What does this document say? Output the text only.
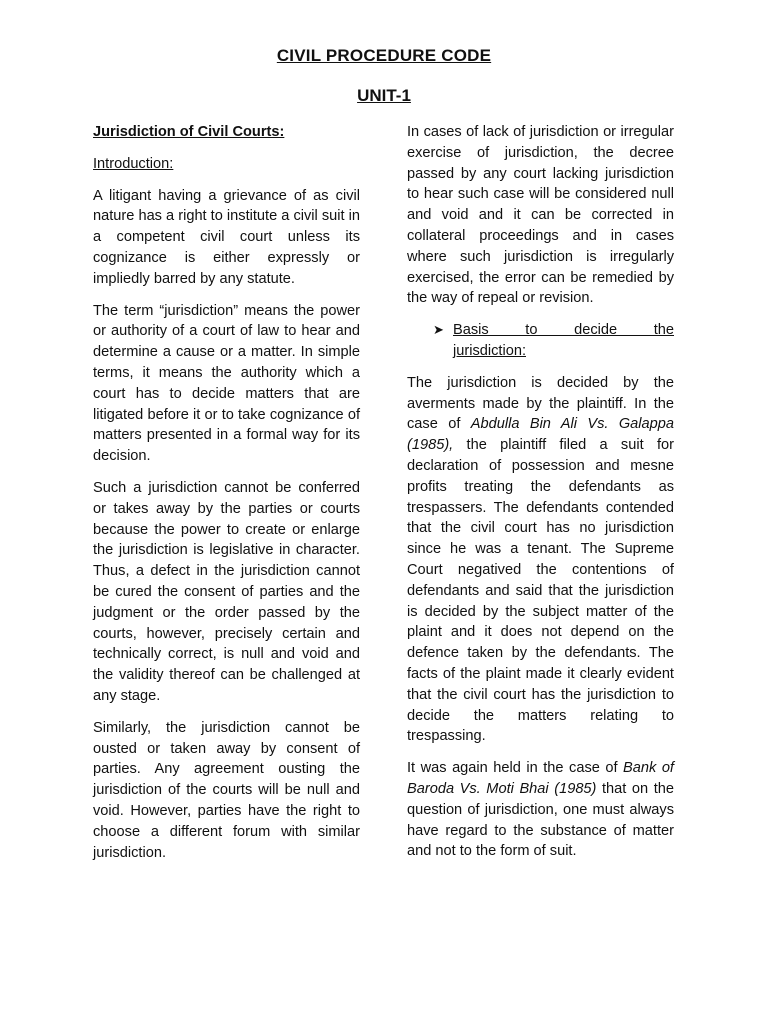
CIVIL PROCEDURE CODE
UNIT-1

Jurisdiction of Civil Courts:

Introduction:

A litigant having a grievance of as civil nature has a right to institute a civil suit in a competent civil court unless its cognizance is either expressly or impliedly barred by any statute.

The term “jurisdiction” means the power or authority of a court of law to hear and determine a cause or a matter. In simple terms, it means the authority which a court has to decide matters that are litigated before it or to take cognizance of matters presented in a formal way for its decision.

Such a jurisdiction cannot be conferred or takes away by the parties or courts because the power to create or enlarge the jurisdiction is legislative in character. Thus, a defect in the jurisdiction cannot be cured the consent of parties and the judgment or the order passed by the courts, however, precisely certain and technically correct, is null and void and the validity thereof can be challenged at any stage.

Similarly, the jurisdiction cannot be ousted or taken away by consent of parties. Any agreement ousting the jurisdiction of the courts will be null and void. However, parties have the right to choose a different forum with similar jurisdiction.

In cases of lack of jurisdiction or irregular exercise of jurisdiction, the decree passed by any court lacking jurisdiction to hear such case will be considered null and void and it can be corrected in collateral proceedings and in cases where such jurisdiction is irregularly exercised, the error can be remedied by the way of repeal or revision.

➤ Basis to decide the
jurisdiction:

The jurisdiction is decided by the averments made by the plaintiff. In the case of Abdulla Bin Ali Vs. Galappa (1985), the plaintiff filed a suit for declaration of possession and mesne profits treating the defendants as trespassers. The defendants contended that the civil court has no jurisdiction since he was a tenant. The Supreme Court negatived the contentions of defendants and said that the jurisdiction is decided by the subject matter of the plaint and it does not depend on the defence taken by the defendants. The facts of the plaint made it clearly evident that the civil court has the jurisdiction to decide the matters relating to trespassing.

It was again held in the case of Bank of Baroda Vs. Moti Bhai (1985) that on the question of jurisdiction, one must always have regard to the substance of matter and not to the form of suit.
